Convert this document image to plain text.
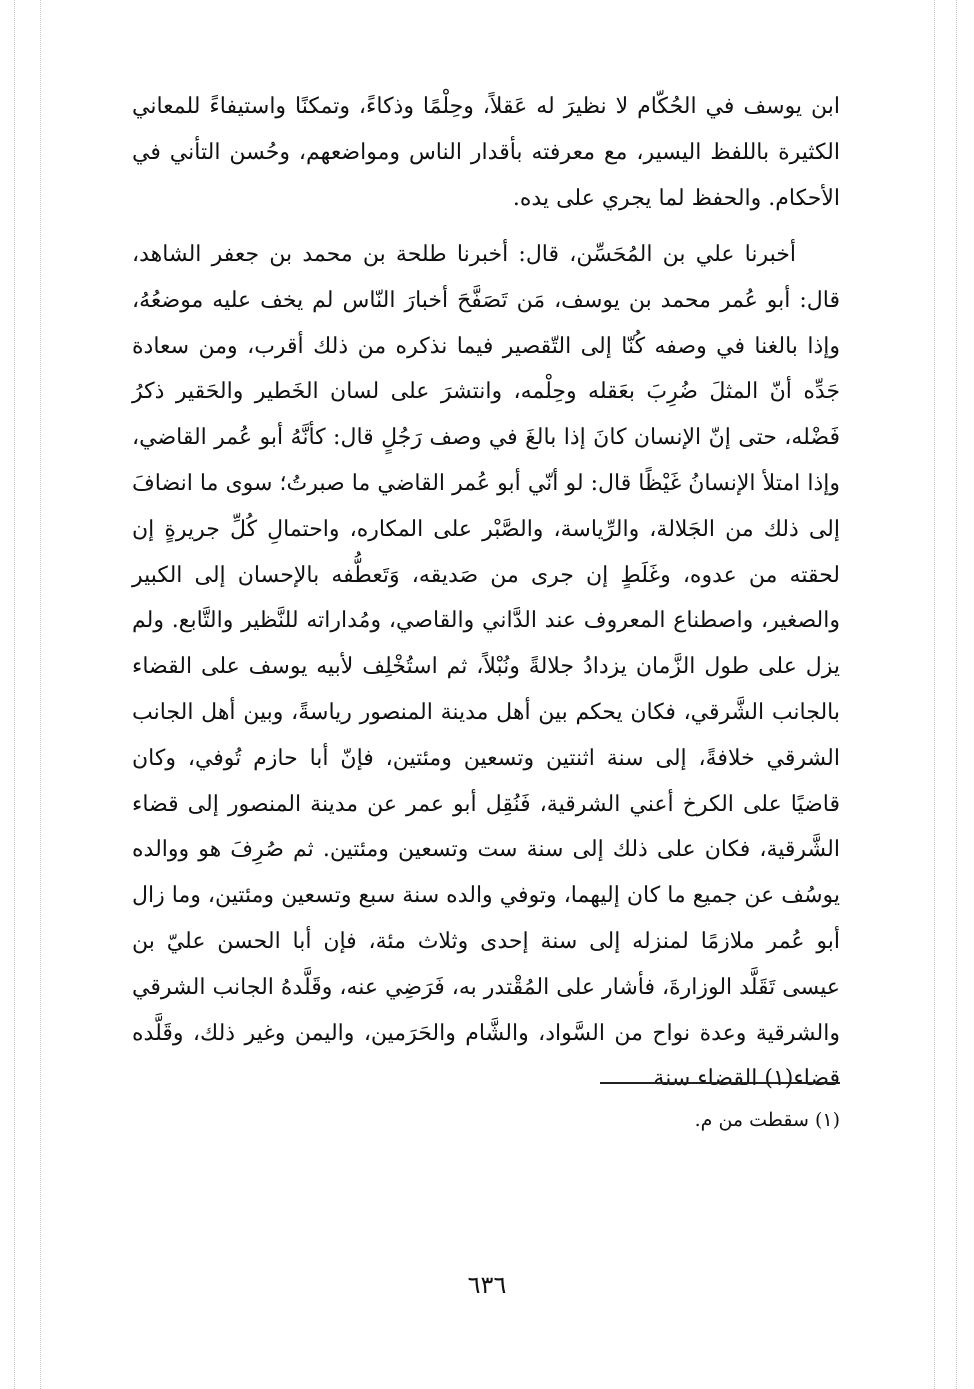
ابن يوسف في الحُكّام لا نظيرَ له عَقلاً، وحِلْمًا وذكاءً، وتمكنًا واستيفاءً للمعاني الكثيرة باللفظ اليسير، مع معرفته بأقدار الناس ومواضعهم، وحُسن التأني في الأحكام. والحفظ لما يجري على يده.

أخبرنا علي بن المُحَسِّن، قال: أخبرنا طلحة بن محمد بن جعفر الشاهد، قال: أبو عُمر محمد بن يوسف، مَن تَصَفَّحَ أخبارَ النّاس لم يخف عليه موضعُهُ، وإذا بالغنا في وصفه كُنّا إلى التّقصير فيما نذكره من ذلك أقرب، ومن سعادة جَدِّه أنّ المثلَ ضُرِبَ بعَقله وحِلْمه، وانتشرَ على لسان الخَطير والحَقير ذكرُ فَضْله، حتى إنّ الإنسان كانَ إذا بالغَ في وصف رَجُلٍ قال: كأنَّهُ أبو عُمر القاضي، وإذا امتلأ الإنسانُ غَيْظًا قال: لو أنّي أبو عُمر القاضي ما صبرتُ؛ سوى ما انضافَ إلى ذلك من الجَلالة، والرِّياسة، والصَّبْر على المكاره، واحتمالِ كُلِّ جريرةٍ إن لحقته من عدوه، وغَلَطٍ إن جرى من صَديقه، وَتَعطُّفه بالإحسان إلى الكبير والصغير، واصطناع المعروف عند الدَّاني والقاصي، ومُداراته للنَّظير والتَّابع. ولم يزل على طول الزَّمان يزدادُ جلالةً ونُبْلاً، ثم استُخْلِف لأبيه يوسف على القضاء بالجانب الشَّرقي، فكان يحكم بين أهل مدينة المنصور رياسةً، وبين أهل الجانب الشرقي خلافةً، إلى سنة اثنتين وتسعين ومئتين، فإنّ أبا حازم تُوفي، وكان قاضيًا على الكرخ أعني الشرقية، فَنُقِل أبو عمر عن مدينة المنصور إلى قضاء الشَّرقية، فكان على ذلك إلى سنة ست وتسعين ومئتين. ثم صُرِفَ هو ووالده يوسُف عن جميع ما كان إليهما، وتوفي والده سنة سبع وتسعين ومئتين، وما زال أبو عُمر ملازمًا لمنزله إلى سنة إحدى وثلاث مئة، فإن أبا الحسن عليّ بن عيسى تَقَلَّد الوزارةَ، فأشار على المُقْتدر به، فَرَضِي عنه، وقَلَّدهُ الجانب الشرقي والشرقية وعدة نواح من السَّواد، والشَّام والحَرَمين، واليمن وغير ذلك، وقَلَّده قضاء(١) القضاء سنة

(١) سقطت من م.

٦٣٦
